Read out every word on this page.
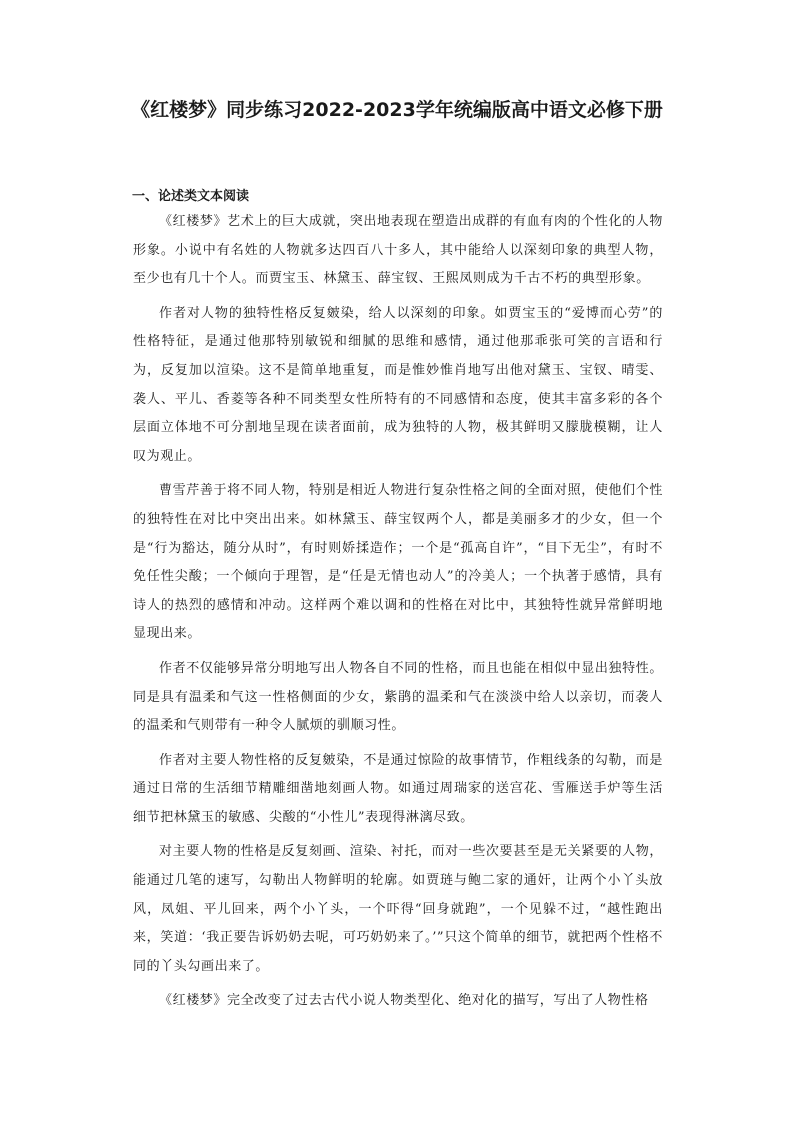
《红楼梦》同步练习2022-2023学年统编版高中语文必修下册
一、论述类文本阅读

《红楼梦》艺术上的巨大成就，突出地表现在塑造出成群的有血有肉的个性化的人物形象。小说中有名姓的人物就多达四百八十多人，其中能给人以深刻印象的典型人物，至少也有几十个人。而贾宝玉、林黛玉、薛宝钗、王熙凤则成为千古不朽的典型形象。

作者对人物的独特性格反复皴染，给人以深刻的印象。如贾宝玉的“爱博而心劳”的性格特征，是通过他那特别敏锐和细腻的思维和感情，通过他那乖张可笑的言语和行为，反复加以渲染。这不是简单地重复，而是惟妙惟肖地写出他对黛玉、宝钗、晴雯、袭人、平儿、香菱等各种不同类型女性所特有的不同感情和态度，使其丰富多彩的各个层面立体地不可分割地呈现在读者面前，成为独特的人物，极其鲜明又朦胧模糊，让人叹为观止。

曹雪芹善于将不同人物，特别是相近人物进行复杂性格之间的全面对照，使他们个性的独特性在对比中突出出来。如林黛玉、薛宝钗两个人，都是美丽多才的少女，但一个是“行为豁达，随分从时”，有时则娇揉造作；一个是“孤高自许”，“目下无尘”，有时不免任性尖酸；一个倾向于理智，是“任是无情也动人”的冷美人；一个执著于感情，具有诗人的热烈的感情和冲动。这样两个难以调和的性格在对比中，其独特性就异常鲜明地显现出来。

作者不仅能够异常分明地写出人物各自不同的性格，而且也能在相似中显出独特性。同是具有温柔和气这一性格侧面的少女，紫鹃的温柔和气在淡淡中给人以亲切，而袭人的温柔和气则带有一种令人腻烦的驯顺习性。

作者对主要人物性格的反复皴染，不是通过惊险的故事情节，作粗线条的勾勒，而是通过日常的生活细节精雕细凿地刻画人物。如通过周瑞家的送宫花、雪雁送手炉等生活细节把林黛玉的敏感、尖酸的“小性儿”表现得淋漓尽致。

对主要人物的性格是反复刻画、渲染、衬托，而对一些次要甚至是无关紧要的人物，能通过几笔的速写，勾勒出人物鲜明的轮廓。如贾琏与鲍二家的通奸，让两个小丫头放风，凤姐、平儿回来，两个小丫头，一个吓得“回身就跑”，一个见躲不过，“越性跑出来，笑道：‘我正要告诉奶奶去呢，可巧奶奶来了。’”只这个简单的细节，就把两个性格不同的丫头勾画出来了。

《红楼梦》完全改变了过去古代小说人物类型化、绝对化的描写，写出了人物性格
